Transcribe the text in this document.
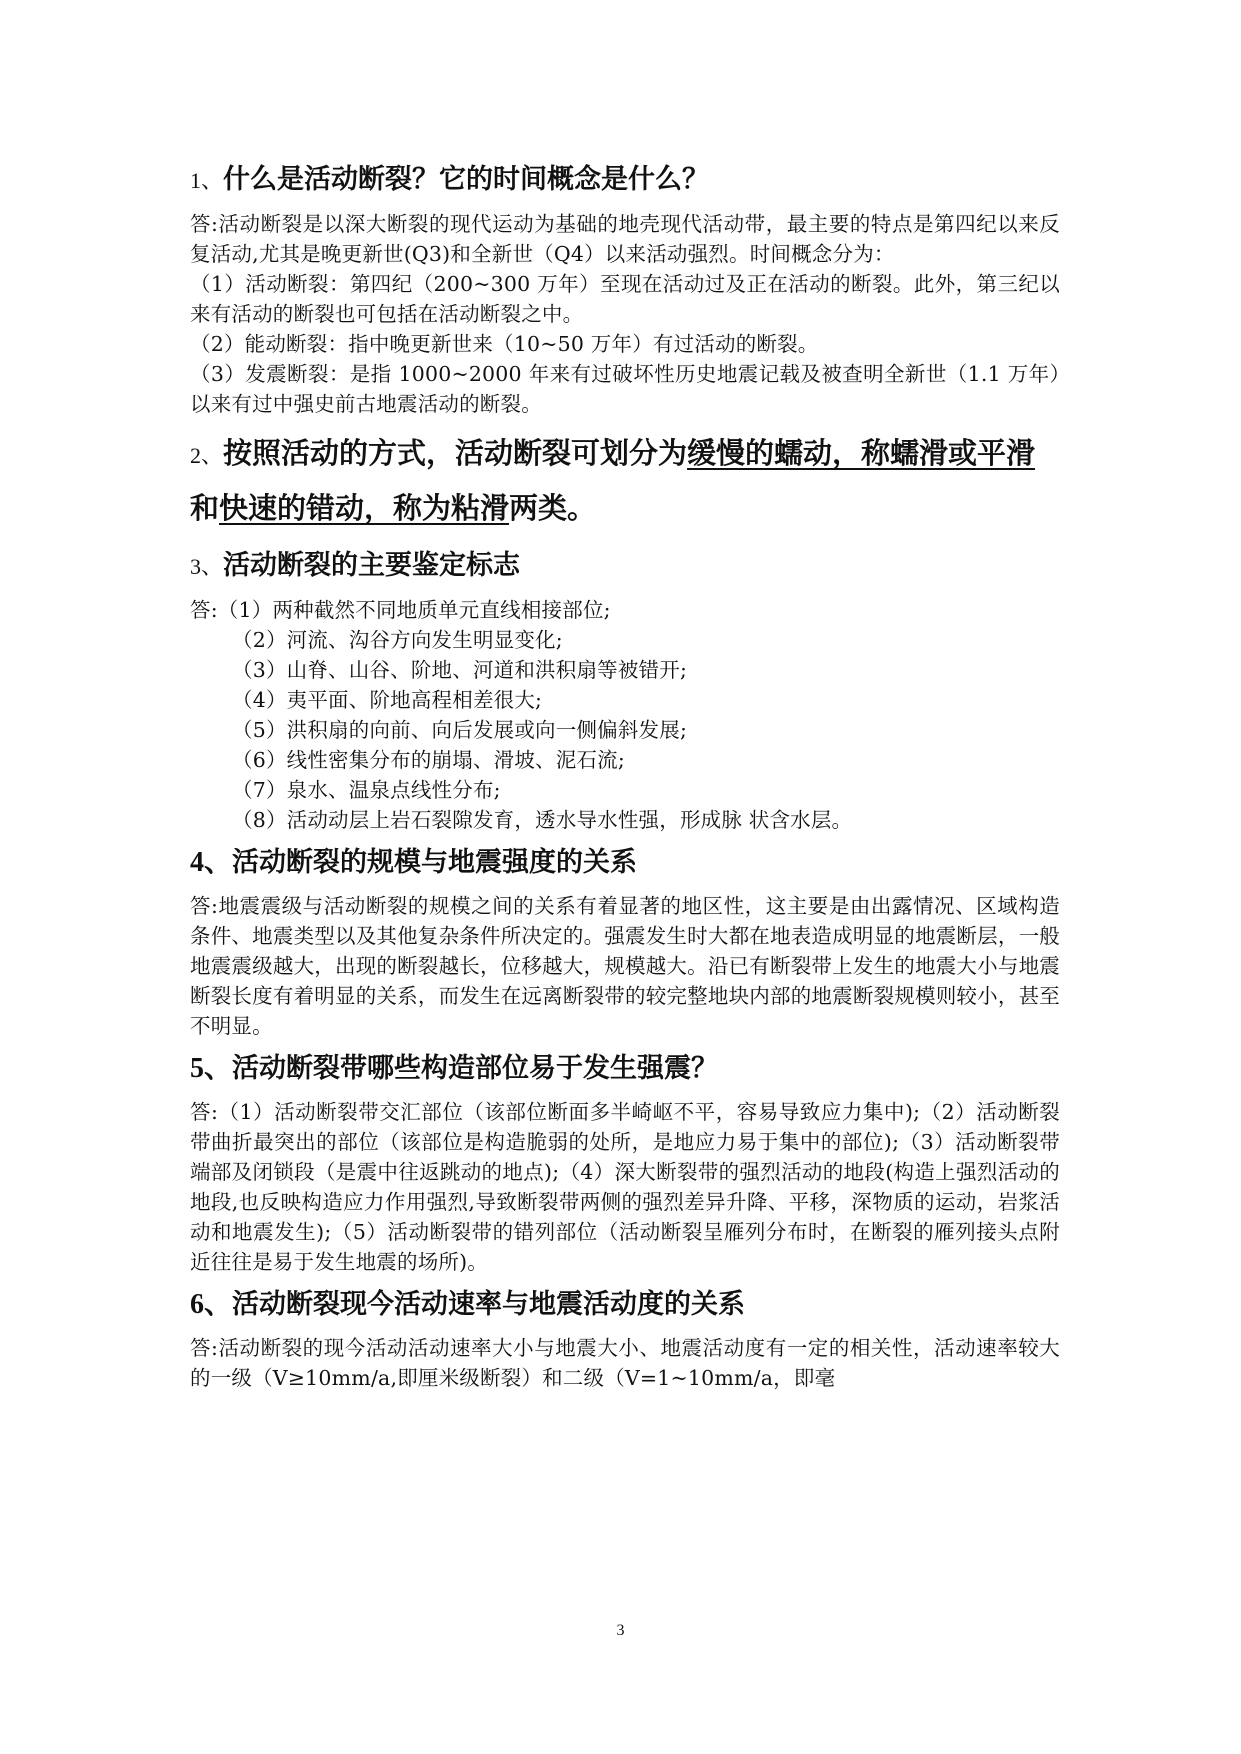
1、什么是活动断裂？它的时间概念是什么？

答:活动断裂是以深大断裂的现代运动为基础的地壳现代活动带，最主要的特点是第四纪以来反复活动,尤其是晚更新世(Q3)和全新世（Q4）以来活动强烈。时间概念分为：

（1）活动断裂：第四纪（200~300 万年）至现在活动过及正在活动的断裂。此外，第三纪以来有活动的断裂也可包括在活动断裂之中。

（2）能动断裂：指中晚更新世来（10~50 万年）有过活动的断裂。

（3）发震断裂：是指 1000~2000 年来有过破坏性历史地震记载及被查明全新世（1.1 万年）以来有过中强史前古地震活动的断裂。

2、按照活动的方式，活动断裂可划分为缓慢的蠕动，称蠕滑或平滑和快速的错动，称为粘滑两类。
3、活动断裂的主要鉴定标志

答:（1）两种截然不同地质单元直线相接部位;

（2）河流、沟谷方向发生明显变化;

（3）山脊、山谷、阶地、河道和洪积扇等被错开;

（4）夷平面、阶地高程相差很大;

（5）洪积扇的向前、向后发展或向一侧偏斜发展;

（6）线性密集分布的崩塌、滑坡、泥石流;

（7）泉水、温泉点线性分布;

（8）活动动层上岩石裂隙发育，透水导水性强，形成脉 状含水层。

4、活动断裂的规模与地震强度的关系

答:地震震级与活动断裂的规模之间的关系有着显著的地区性，这主要是由出露情况、区域构造条件、地震类型以及其他复杂条件所决定的。强震发生时大都在地表造成明显的地震断层，一般地震震级越大，出现的断裂越长，位移越大，规模越大。沿已有断裂带上发生的地震大小与地震断裂长度有着明显的关系，而发生在远离断裂带的较完整地块内部的地震断裂规模则较小，甚至不明显。

5、活动断裂带哪些构造部位易于发生强震？

答:（1）活动断裂带交汇部位（该部位断面多半崎岖不平，容易导致应力集中);（2）活动断裂带曲折最突出的部位（该部位是构造脆弱的处所，是地应力易于集中的部位);（3）活动断裂带端部及闭锁段（是震中往返跳动的地点);（4）深大断裂带的强烈活动的地段(构造上强烈活动的地段,也反映构造应力作用强烈,导致断裂带两侧的强烈差异升降、平移，深物质的运动，岩浆活动和地震发生);（5）活动断裂带的错列部位（活动断裂呈雁列分布时，在断裂的雁列接头点附近往往是易于发生地震的场所)。

6、活动断裂现今活动速率与地震活动度的关系

答:活动断裂的现今活动活动速率大小与地震大小、地震活动度有一定的相关性，活动速率较大的一级（V≥10mm/a,即厘米级断裂）和二级（V=1~10mm/a，即毫

3
